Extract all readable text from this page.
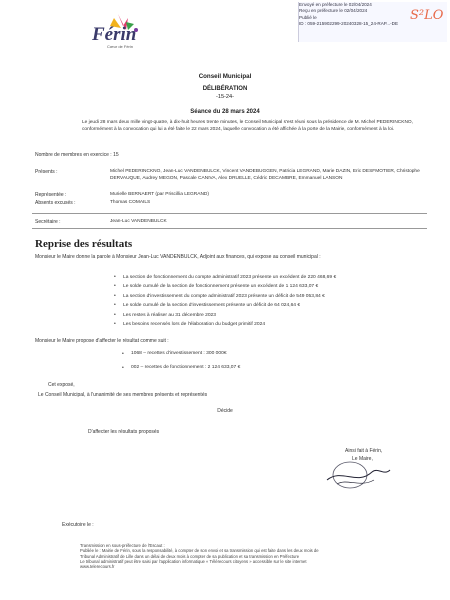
Férin
Cœur de Férin
Envoyé en préfecture le 02/04/2024
Reçu en préfecture le 02/04/2024
Publié le
ID : 059-215902299-20240328-15_24-RAP...-DE
S²LO
Conseil Municipal
DÉLIBÉRATION
-15-24-
Séance du 28 mars 2024
Le jeudi 28 mars deux mille vingt-quatre, à dix-huit heures trente minutes, le Conseil Municipal s'est réuni sous la présidence de M. Michel PEDERINCKNO, conformément à la convocation qui lui a été faite le 22 mars 2024, laquelle convocation a été affichée à la porte de la Mairie, conformément à la loi.
Nombre de membres en exercice : 15
Présents :	Michel PEDERINCKNO, Jean-Luc VANDENBULCK, Vincent VANDEBUGGEN, Patricia LEGRAND, Marie DAZIN, Eric DESFMOTIER, Christophe DERVAUQUE, Audrey MEGON, Pascale CANIVA, Alex DRUELLE, Cédric DECAMBRE, Emmanuel LANSON
Représentée :	Murielle BERNAERT (par Priscillia LEGRAND)
Absents excusés :	Thomas COMAILS
Secrétaire :	Jean-Luc VANDENBULCK
Reprise des résultats
Monsieur le Maire donne la parole à Monsieur Jean-Luc VANDENBULCK, Adjoint aux finances, qui expose au conseil municipal :
• La section de fonctionnement du compte administratif 2023 présente un excédent de 220 468,69 €
• Le solde cumulé de la section de fonctionnement présente un excédent de 1 124 633,07 €
• La section d'investissement du compte administratif 2023 présente un déficit de 549 053,84 €
• Le solde cumulé de la section d'investissement présente un déficit de 64 024,64 €
• Les restes à réaliser au 31 décembre 2023
• Les besoins recensés lors de l'élaboration du budget primitif 2024
Monsieur le Maire propose d'affecter le résultat comme suit :
• 1068 – recettes d'investissement : 300 000€
• 002 – recettes de fonctionnement : 2 124 633,07 €
Cet exposé,
Le Conseil Municipal, à l'unanimité de ses membres présents et représentés
Décide
D'affecter les résultats proposés
Ainsi fait à Férin,
Le Maire,
Exécutoire le :
Transmission en sous-préfecture de l'Escaut :
Publiée le : Mairie de Férin, sous la responsabilité, à compter de son envoi et sa transmission qui est faite dans les deux mois de
Tribunal Administratif de Lille dans un délai de deux mois à compter de sa publication et sa transmission en Préfecture
Le tribunal administratif peut être saisi par l'application informatique « Télérecours citoyens » accessible sur le site internet
www.telerecours.fr
